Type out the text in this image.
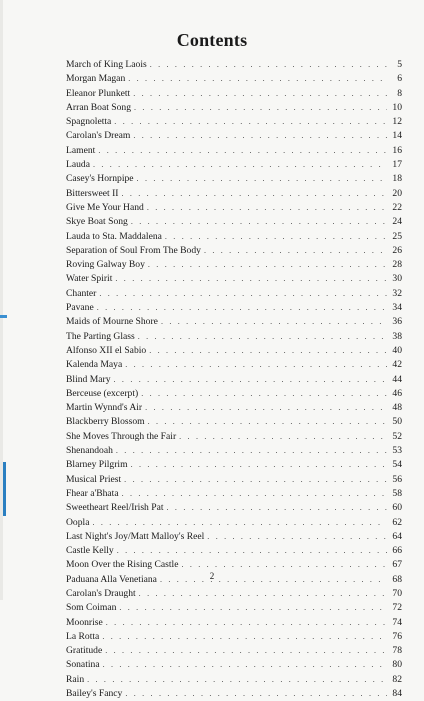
Contents
March of King Laois . . .	5
Morgan Magan . . .	6
Eleanor Plunkett . . .	8
Arran Boat Song . . .	10
Spagnoletta . . .	12
Carolan's Dream . . .	14
Lament . . .	16
Lauda . . .	17
Casey's Hornpipe . . .	18
Bittersweet II . . .	20
Give Me Your Hand . . .	22
Skye Boat Song . . .	24
Lauda to Sta. Maddalena . . .	25
Separation of Soul From The Body . . .	26
Roving Galway Boy . . .	28
Water Spirit . . .	30
Chanter . . .	32
Pavane . . .	34
Maids of Mourne Shore . . .	36
The Parting Glass . . .	38
Alfonso XII el Sabio . . .	40
Kalenda Maya . . .	42
Blind Mary . . .	44
Berceuse (excerpt) . . .	46
Martin Wynnd's Air . . .	48
Blackberry Blossom . . .	50
She Moves Through the Fair . . .	52
Shenandoah . . .	53
Blarney Pilgrim . . .	54
Musical Priest . . .	56
Fhear a'Bhata . . .	58
Sweetheart Reel/Irish Pat . . .	60
Oopla . . .	62
Last Night's Joy/Matt Malloy's Reel . . .	64
Castle Kelly . . .	66
Moon Over the Rising Castle . . .	67
Paduana Alla Venetiana . . .	68
Carolan's Draught . . .	70
Som Coiman . . .	72
Moonrise . . .	74
La Rotta . . .	76
Gratitude . . .	78
Sonatina . . .	80
Rain . . .	82
Bailey's Fancy . . .	84
2
